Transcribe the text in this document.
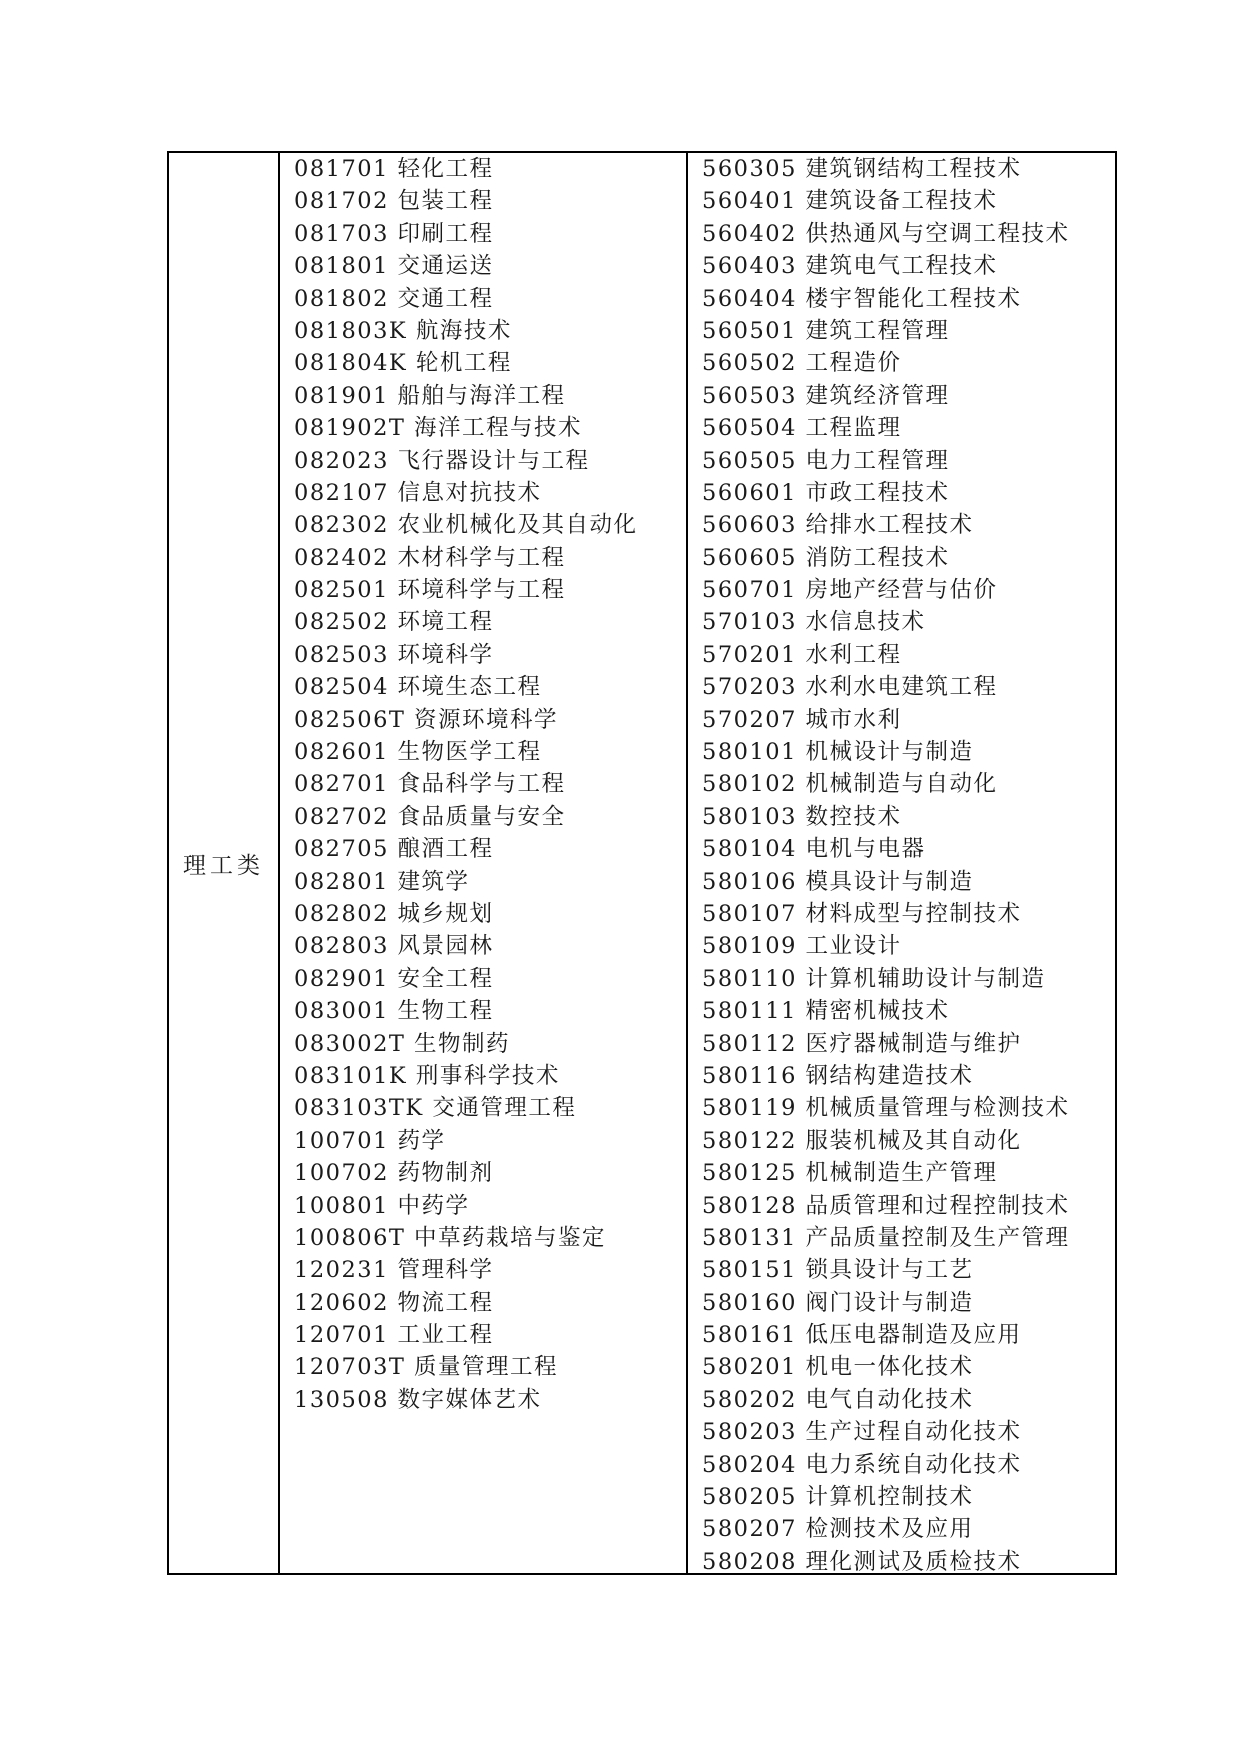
理工类
081701 轻化工程
081702 包装工程
081703 印刷工程
081801 交通运送
081802 交通工程
081803K 航海技术
081804K 轮机工程
081901 船舶与海洋工程
081902T 海洋工程与技术
082023 飞行器设计与工程
082107 信息对抗技术
082302 农业机械化及其自动化
082402 木材科学与工程
082501 环境科学与工程
082502 环境工程
082503 环境科学
082504 环境生态工程
082506T 资源环境科学
082601 生物医学工程
082701 食品科学与工程
082702 食品质量与安全
082705 酿酒工程
082801 建筑学
082802 城乡规划
082803 风景园林
082901 安全工程
083001 生物工程
083002T 生物制药
083101K 刑事科学技术
083103TK 交通管理工程
100701 药学
100702 药物制剂
100801 中药学
100806T 中草药栽培与鉴定
120231 管理科学
120602 物流工程
120701 工业工程
120703T 质量管理工程
130508 数字媒体艺术
560305 建筑钢结构工程技术
560401 建筑设备工程技术
560402 供热通风与空调工程技术
560403 建筑电气工程技术
560404 楼宇智能化工程技术
560501 建筑工程管理
560502 工程造价
560503 建筑经济管理
560504 工程监理
560505 电力工程管理
560601 市政工程技术
560603 给排水工程技术
560605 消防工程技术
560701 房地产经营与估价
570103 水信息技术
570201 水利工程
570203 水利水电建筑工程
570207 城市水利
580101 机械设计与制造
580102 机械制造与自动化
580103 数控技术
580104 电机与电器
580106 模具设计与制造
580107 材料成型与控制技术
580109 工业设计
580110 计算机辅助设计与制造
580111 精密机械技术
580112 医疗器械制造与维护
580116 钢结构建造技术
580119 机械质量管理与检测技术
580122 服装机械及其自动化
580125 机械制造生产管理
580128 品质管理和过程控制技术
580131 产品质量控制及生产管理
580151 锁具设计与工艺
580160 阀门设计与制造
580161 低压电器制造及应用
580201 机电一体化技术
580202 电气自动化技术
580203 生产过程自动化技术
580204 电力系统自动化技术
580205 计算机控制技术
580207 检测技术及应用
580208 理化测试及质检技术
